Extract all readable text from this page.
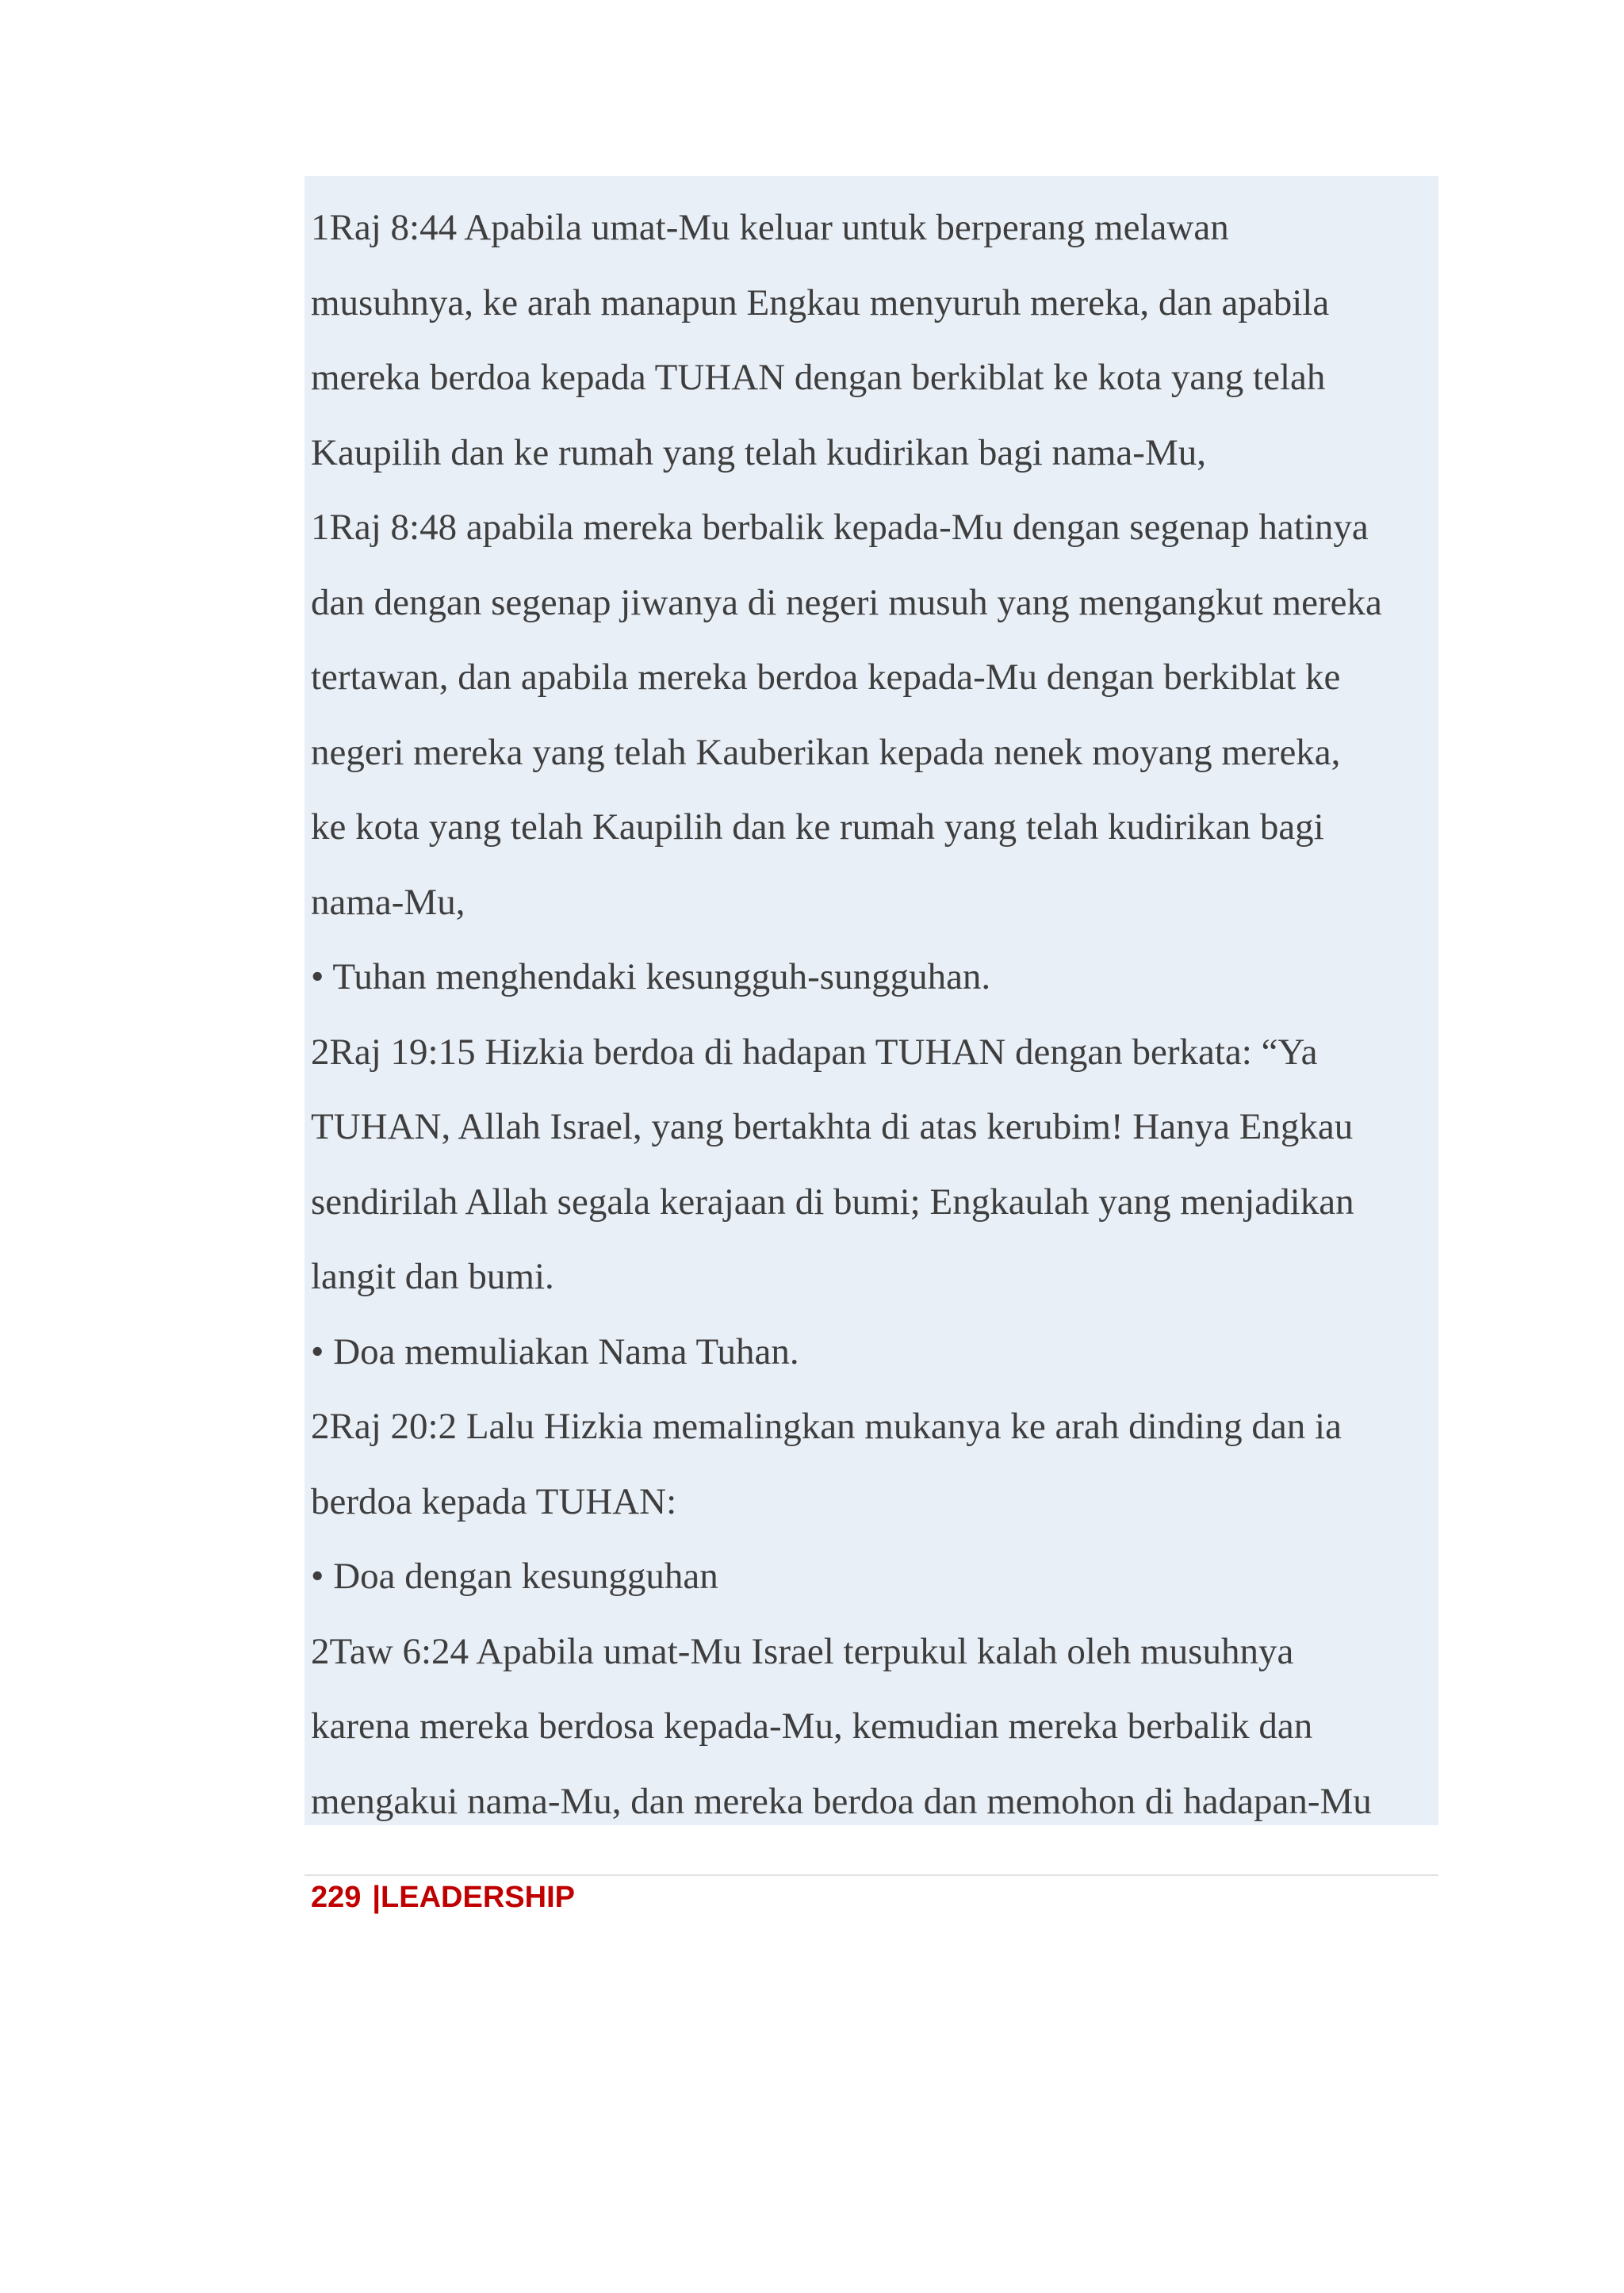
1Raj 8:44 Apabila umat-Mu keluar untuk berperang melawan
musuhnya, ke arah manapun Engkau menyuruh mereka, dan apabila
mereka berdoa kepada TUHAN dengan berkiblat ke kota yang telah
Kaupilih dan ke rumah yang telah kudirikan bagi nama-Mu,
1Raj 8:48 apabila mereka berbalik kepada-Mu dengan segenap hatinya
dan dengan segenap jiwanya di negeri musuh yang mengangkut mereka
tertawan, dan apabila mereka berdoa kepada-Mu dengan berkiblat ke
negeri mereka yang telah Kauberikan kepada nenek moyang mereka,
ke kota yang telah Kaupilih dan ke rumah yang telah kudirikan bagi
nama-Mu,
• Tuhan menghendaki kesungguh-sungguhan.
2Raj 19:15 Hizkia berdoa di hadapan TUHAN dengan berkata: “Ya
TUHAN, Allah Israel, yang bertakhta di atas kerubim! Hanya Engkau
sendirilah Allah segala kerajaan di bumi; Engkaulah yang menjadikan
langit dan bumi.
• Doa memuliakan Nama Tuhan.
2Raj 20:2 Lalu Hizkia memalingkan mukanya ke arah dinding dan ia
berdoa kepada TUHAN:
• Doa dengan kesungguhan
2Taw 6:24 Apabila umat-Mu Israel terpukul kalah oleh musuhnya
karena mereka berdosa kepada-Mu, kemudian mereka berbalik dan
mengakui nama-Mu, dan mereka berdoa dan memohon di hadapan-Mu
229 |LEADERSHIP
